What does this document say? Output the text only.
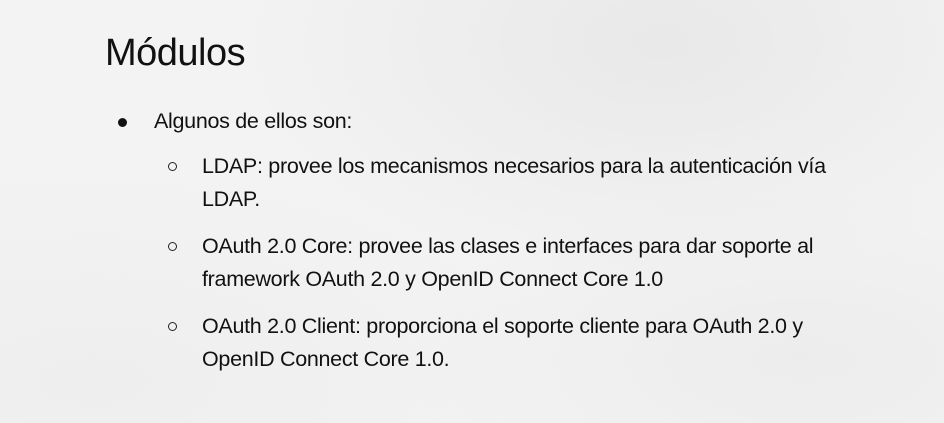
Módulos
Algunos de ellos son:
LDAP: provee los mecanismos necesarios para la autenticación vía LDAP.
OAuth 2.0 Core: provee las clases e interfaces para dar soporte al framework OAuth 2.0 y OpenID Connect Core 1.0
OAuth 2.0 Client: proporciona el soporte cliente para OAuth 2.0 y OpenID Connect Core 1.0.
